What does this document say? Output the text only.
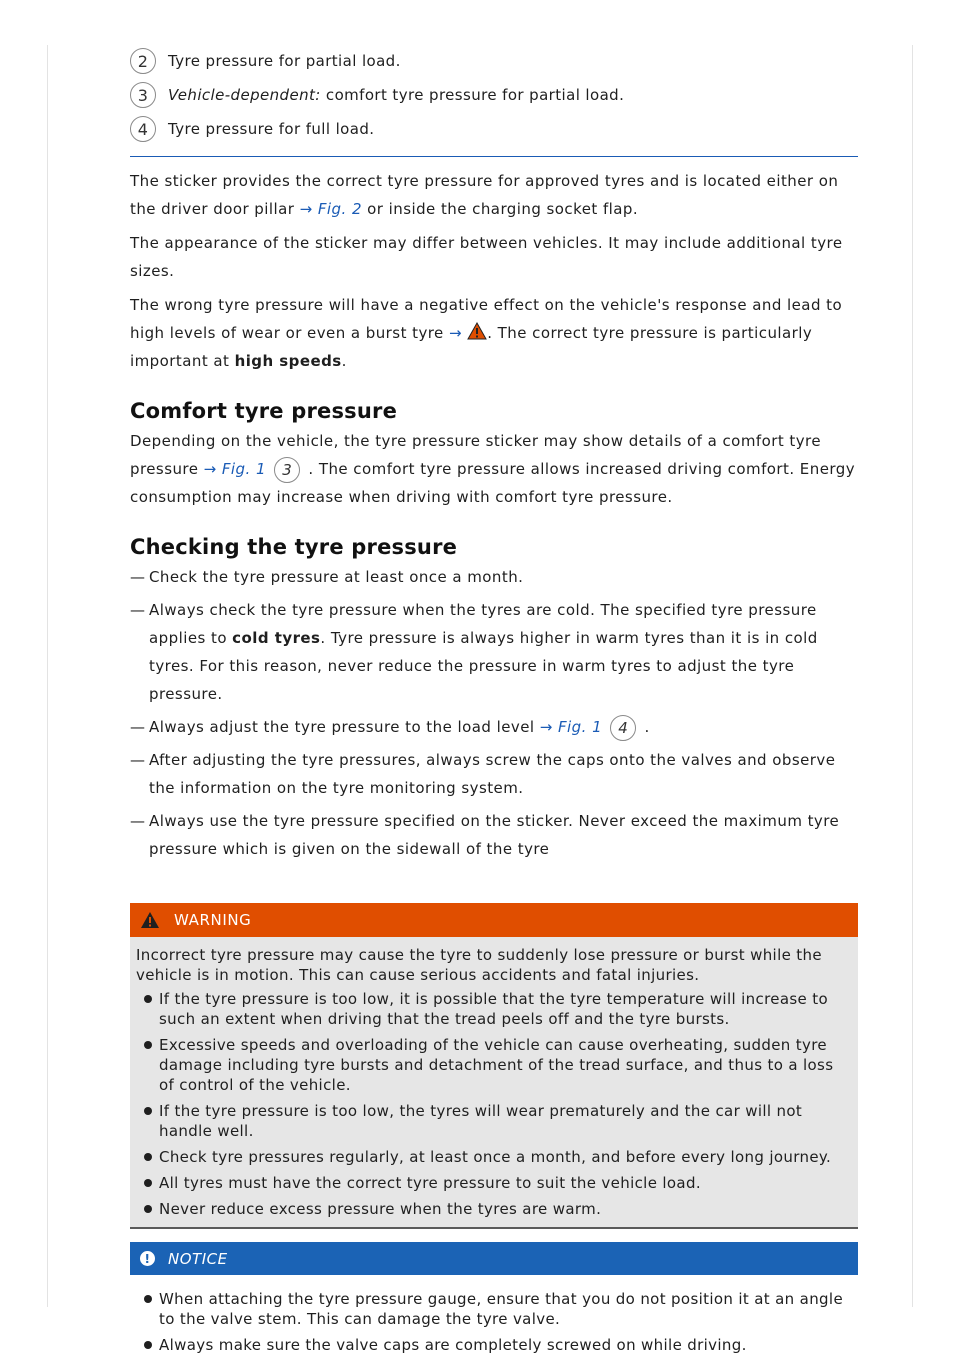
2	Tyre pressure for partial load.
3	Vehicle-dependent: comfort tyre pressure for partial load.
4	Tyre pressure for full load.

The sticker provides the correct tyre pressure for approved tyres and is located either on the driver door pillar → Fig. 2 or inside the charging socket flap.

The appearance of the sticker may differ between vehicles. It may include additional tyre sizes.

The wrong tyre pressure will have a negative effect on the vehicle's response and lead to high levels of wear or even a burst tyre → . The correct tyre pressure is particularly important at high speeds.

Comfort tyre pressure

Depending on the vehicle, the tyre pressure sticker may show details of a comfort tyre pressure → Fig. 1 3 . The comfort tyre pressure allows increased driving comfort. Energy consumption may increase when driving with comfort tyre pressure.

Checking the tyre pressure
— Check the tyre pressure at least once a month.
— Always check the tyre pressure when the tyres are cold. The specified tyre pressure applies to cold tyres. Tyre pressure is always higher in warm tyres than it is in cold tyres. For this reason, never reduce the pressure in warm tyres to adjust the tyre pressure.
— Always adjust the tyre pressure to the load level → Fig. 1 4 .
— After adjusting the tyre pressures, always screw the caps onto the valves and observe the information on the tyre monitoring system.
— Always use the tyre pressure specified on the sticker. Never exceed the maximum tyre pressure which is given on the sidewall of the tyre
WARNING
Incorrect tyre pressure may cause the tyre to suddenly lose pressure or burst while the vehicle is in motion. This can cause serious accidents and fatal injuries.
If the tyre pressure is too low, it is possible that the tyre temperature will increase to such an extent when driving that the tread peels off and the tyre bursts.
Excessive speeds and overloading of the vehicle can cause overheating, sudden tyre damage including tyre bursts and detachment of the tread surface, and thus to a loss of control of the vehicle.
If the tyre pressure is too low, the tyres will wear prematurely and the car will not handle well.
Check tyre pressures regularly, at least once a month, and before every long journey.
All tyres must have the correct tyre pressure to suit the vehicle load.
Never reduce excess pressure when the tyres are warm.
!	NOTICE
When attaching the tyre pressure gauge, ensure that you do not position it at an angle to the valve stem. This can damage the tyre valve.
Always make sure the valve caps are completely screwed on while driving.
